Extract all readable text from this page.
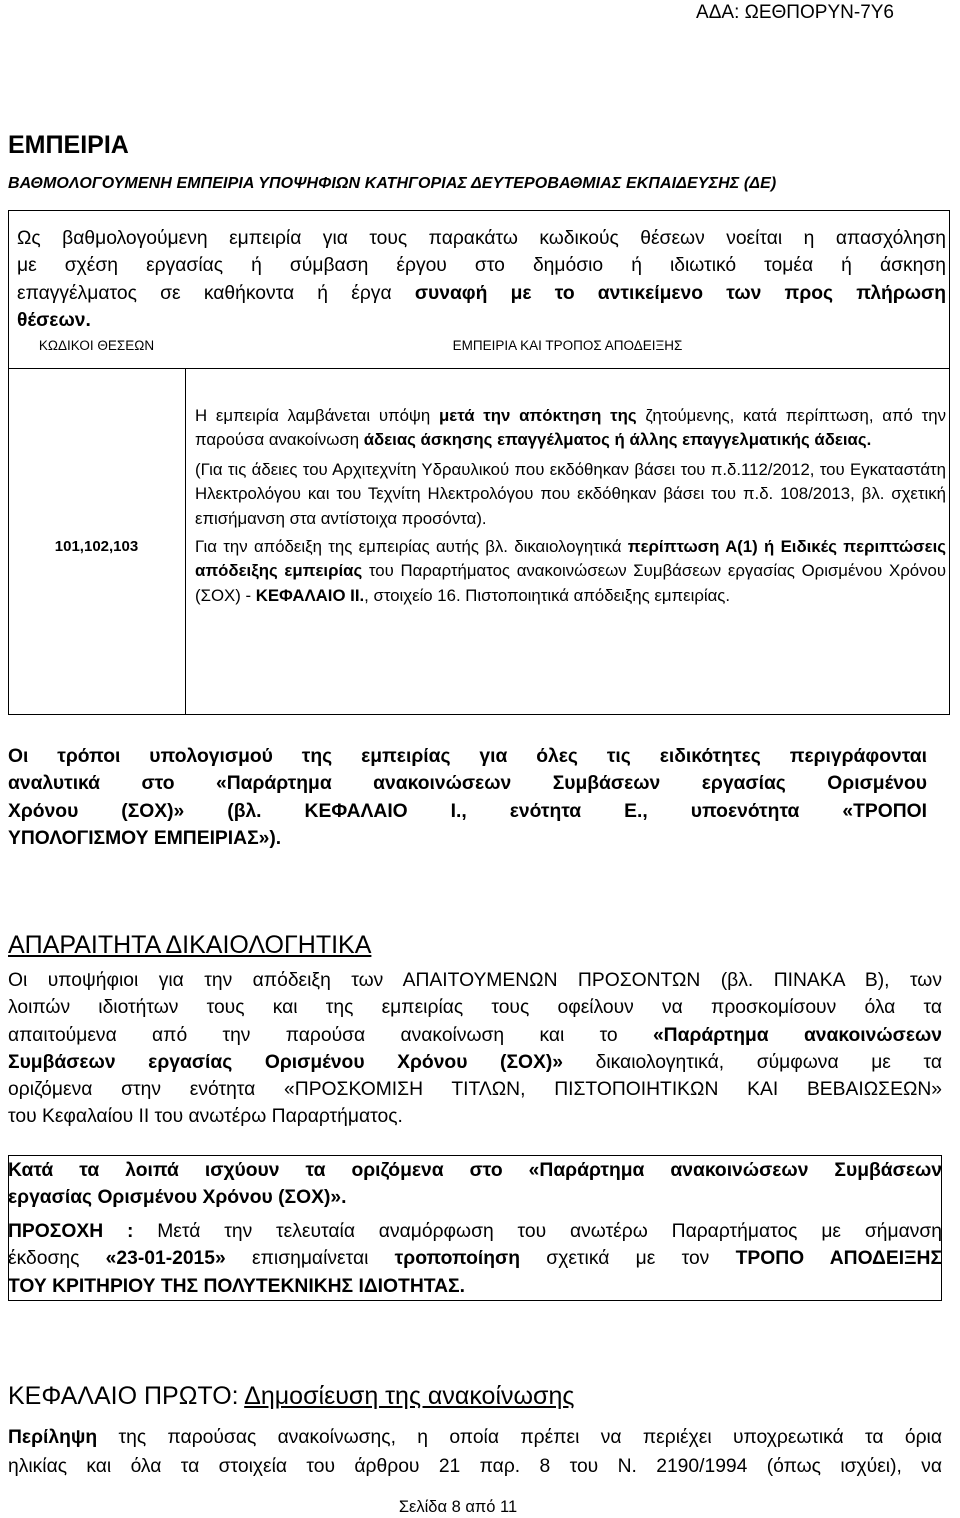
ΑΔΑ: ΩΕΘΠΟΡΥΝ-7Υ6
ΕΜΠΕΙΡΙΑ
ΒΑΘΜΟΛΟΓΟΥΜΕΝΗ ΕΜΠΕΙΡΙΑ ΥΠΟΨΗΦΙΩΝ ΚΑΤΗΓΟΡΙΑΣ ΔΕΥΤΕΡΟΒΑΘΜΙΑΣ ΕΚΠΑΙΔΕΥΣΗΣ (ΔΕ)
Ως βαθμολογούμενη εμπειρία για τους παρακάτω κωδικούς θέσεων νοείται η απασχόληση
με σχέση εργασίας ή σύμβαση έργου στο δημόσιο ή ιδιωτικό τομέα ή άσκηση
επαγγέλματος σε καθήκοντα ή έργα συναφή με το αντικείμενο των προς πλήρωση
θέσεων.
ΚΩΔΙΚΟΙ ΘΕΣΕΩΝ	ΕΜΠΕΙΡΙΑ ΚΑΙ ΤΡΟΠΟΣ ΑΠΟΔΕΙΞΗΣ
101,102,103
Η εμπειρία λαμβάνεται υπόψη μετά την απόκτηση της ζητούμενης, κατά περίπτωση, από την παρούσα ανακοίνωση άδειας άσκησης επαγγέλματος ή άλλης επαγγελματικής άδειας.
(Για τις άδειες του Αρχιτεχνίτη Υδραυλικού που εκδόθηκαν βάσει του π.δ.112/2012, του Εγκαταστάτη Ηλεκτρολόγου και του Τεχνίτη Ηλεκτρολόγου που εκδόθηκαν βάσει του π.δ. 108/2013, βλ. σχετική επισήμανση στα αντίστοιχα προσόντα).
Για την απόδειξη της εμπειρίας αυτής βλ. δικαιολογητικά περίπτωση Α(1) ή Ειδικές περιπτώσεις απόδειξης εμπειρίας του Παραρτήματος ανακοινώσεων Συμβάσεων εργασίας Ορισμένου Χρόνου (ΣΟΧ) - ΚΕΦΑΛΑΙΟ ΙΙ., στοιχείο 16. Πιστοποιητικά απόδειξης εμπειρίας.
Οι τρόποι υπολογισμού της εμπειρίας για όλες τις ειδικότητες περιγράφονται
αναλυτικά στο «Παράρτημα ανακοινώσεων Συμβάσεων εργασίας Ορισμένου
Χρόνου (ΣΟΧ)» (βλ. ΚΕΦΑΛΑΙΟ Ι., ενότητα Ε., υποενότητα «ΤΡΟΠΟΙ
ΥΠΟΛΟΓΙΣΜΟΥ ΕΜΠΕΙΡΙΑΣ»).
ΑΠΑΡΑΙΤΗΤΑ ΔΙΚΑΙΟΛΟΓΗΤΙΚΑ
Οι υποψήφιοι για την απόδειξη των ΑΠΑΙΤΟΥΜΕΝΩΝ ΠΡΟΣΟΝΤΩΝ (βλ. ΠΙΝΑΚΑ Β), των
λοιπών ιδιοτήτων τους και της εμπειρίας τους οφείλουν να προσκομίσουν όλα τα
απαιτούμενα από την παρούσα ανακοίνωση και το «Παράρτημα ανακοινώσεων
Συμβάσεων εργασίας Ορισμένου Χρόνου (ΣΟΧ)» δικαιολογητικά, σύμφωνα με τα
οριζόμενα στην ενότητα «ΠΡΟΣΚΟΜΙΣΗ ΤΙΤΛΩΝ, ΠΙΣΤΟΠΟΙΗΤΙΚΩΝ ΚΑΙ ΒΕΒΑΙΩΣΕΩΝ»
του Κεφαλαίου ΙΙ του ανωτέρω Παραρτήματος.
Κατά τα λοιπά ισχύουν τα οριζόμενα στο «Παράρτημα ανακοινώσεων Συμβάσεων
εργασίας Ορισμένου Χρόνου (ΣΟΧ)».
ΠΡΟΣΟΧΗ : Μετά την τελευταία αναμόρφωση του ανωτέρω Παραρτήματος με σήμανση
έκδοσης «23-01-2015» επισημαίνεται τροποποίηση σχετικά με τον ΤΡΟΠΟ ΑΠΟΔΕΙΞΗΣ
ΤΟΥ ΚΡΙΤΗΡΙΟΥ ΤΗΣ ΠΟΛΥΤΕΚΝΙΚΗΣ ΙΔΙΟΤΗΤΑΣ.
ΚΕΦΑΛΑΙΟ ΠΡΩΤΟ: Δημοσίευση της ανακοίνωσης
Περίληψη της παρούσας ανακοίνωσης, η οποία πρέπει να περιέχει υποχρεωτικά τα όρια
ηλικίας και όλα τα στοιχεία του άρθρου 21 παρ. 8 του Ν. 2190/1994 (όπως ισχύει), να
Σελίδα 8 από 11
